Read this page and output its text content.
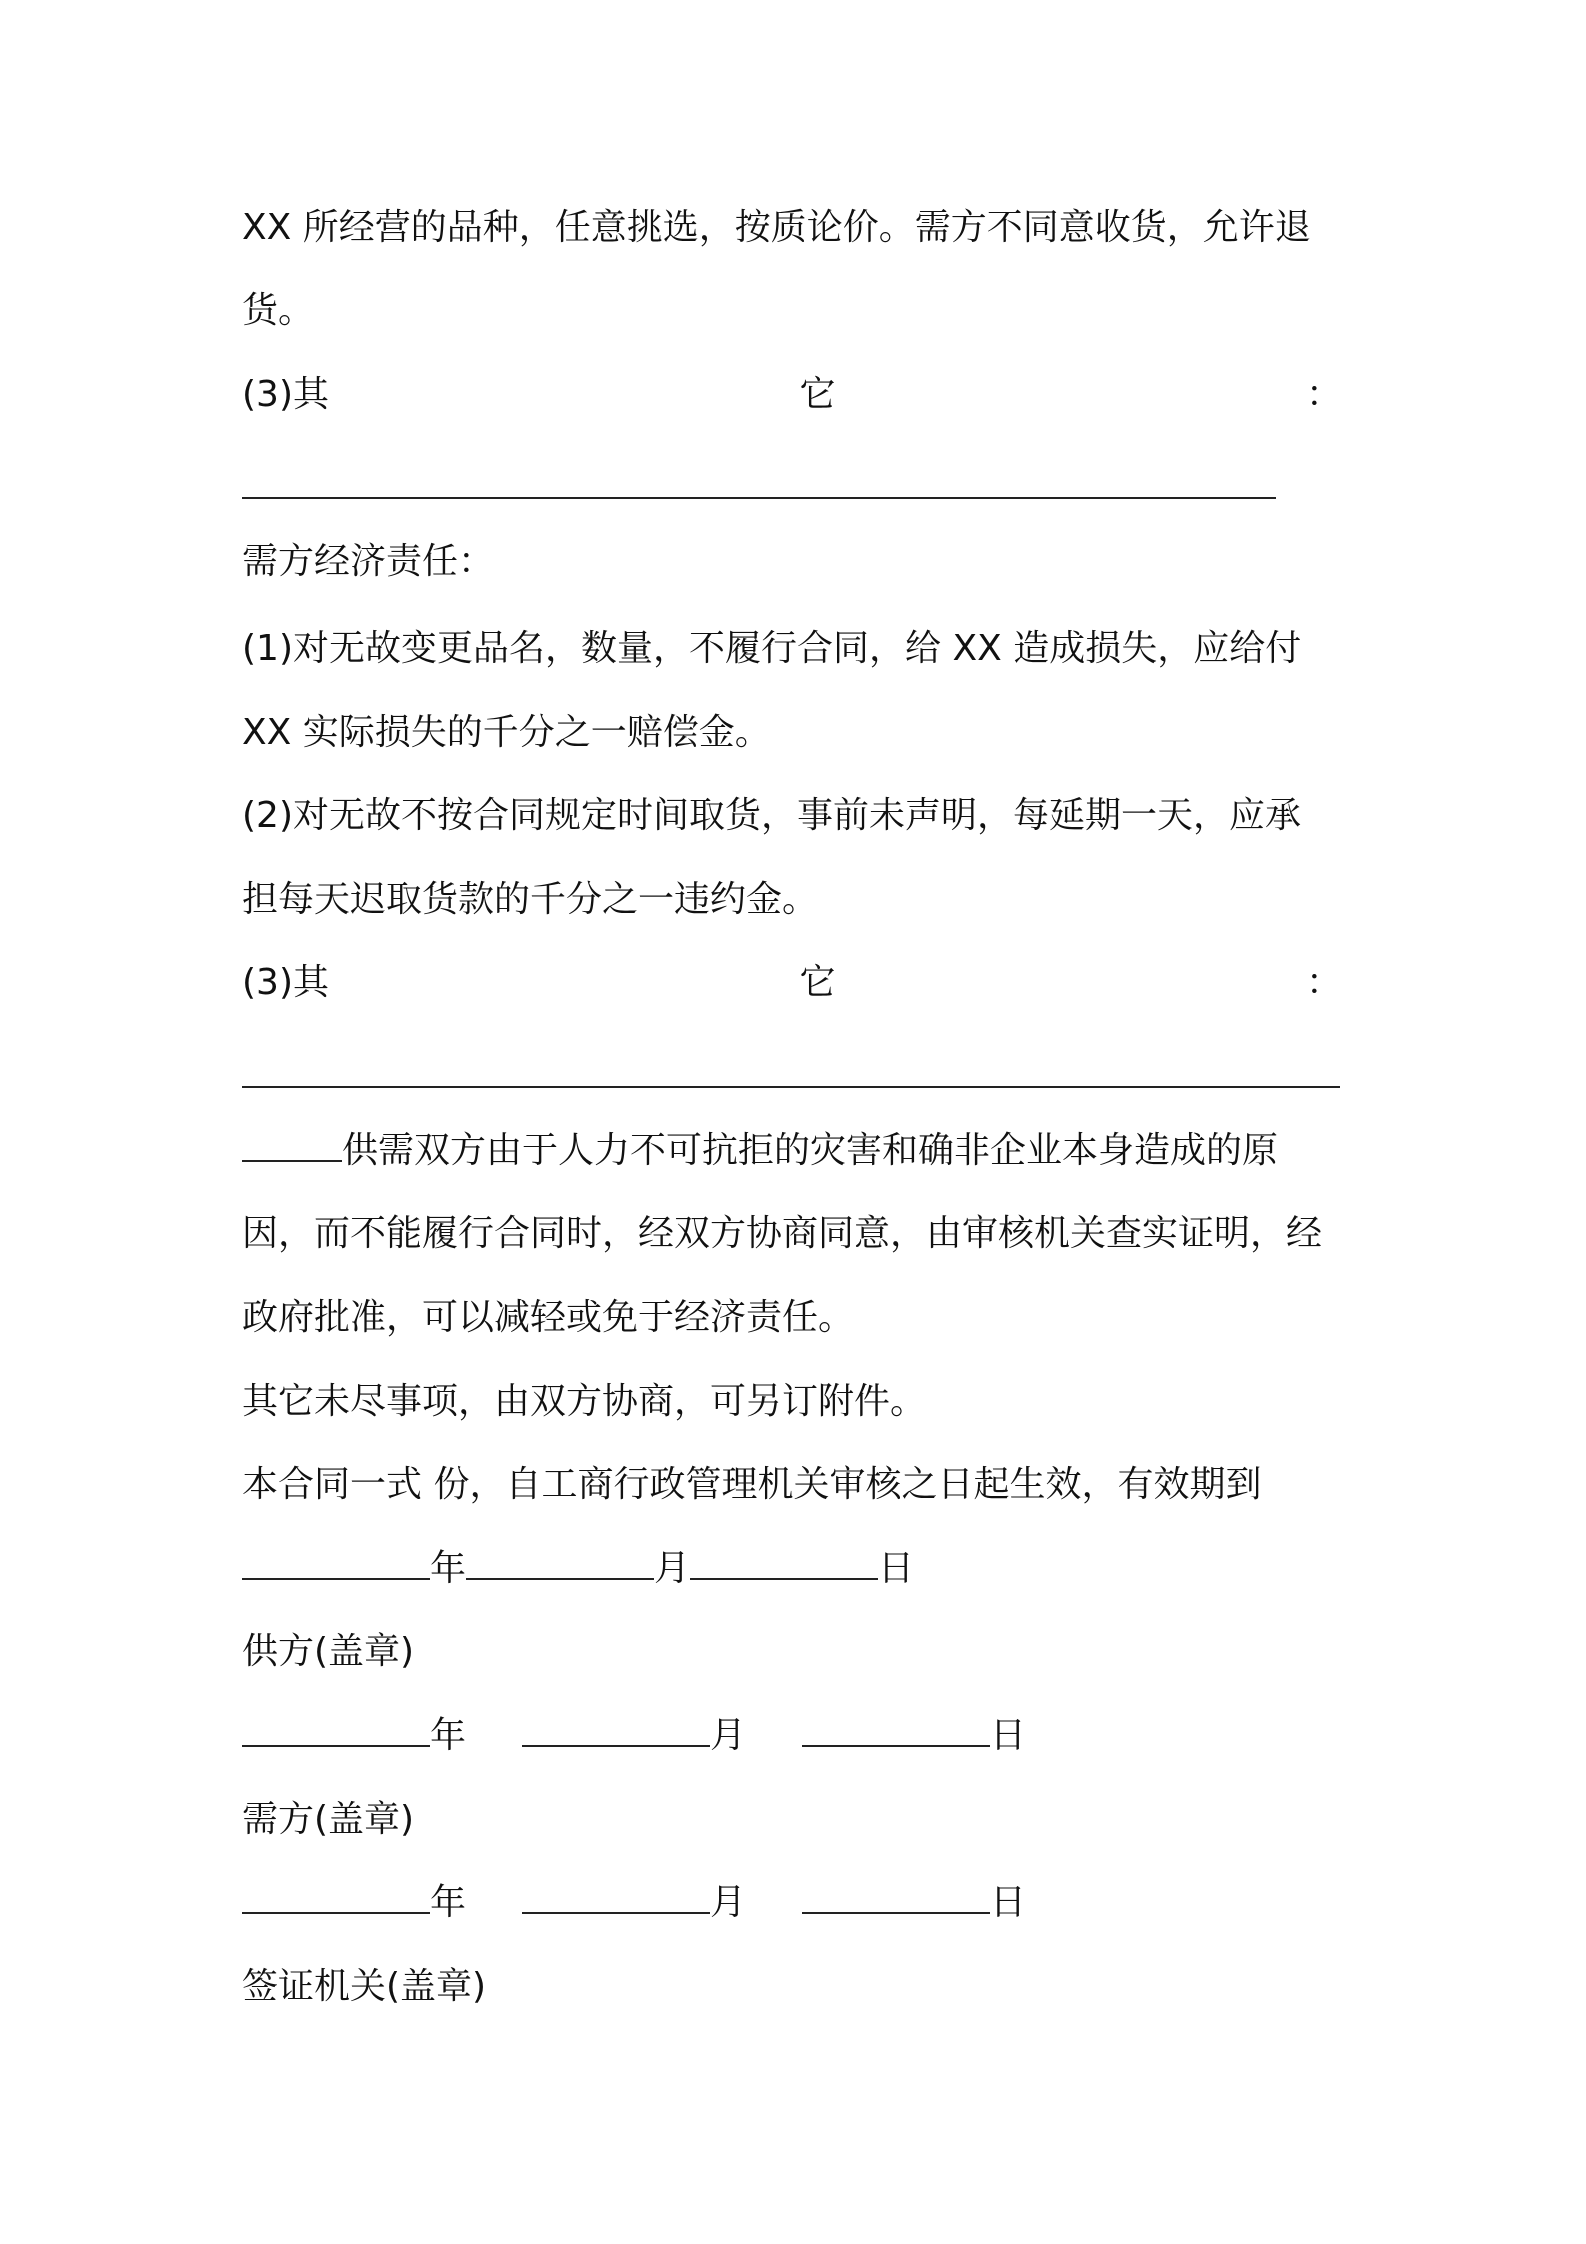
XX 所经营的品种，任意挑选，按质论价。需方不同意收货，允许退
货。
(3)其	它	：
需方经济责任：
(1)对无故变更品名，数量，不履行合同，给 XX 造成损失，应给付
XX 实际损失的千分之一赔偿金。
(2)对无故不按合同规定时间取货，事前未声明，每延期一天，应承
担每天迟取货款的千分之一违约金。
(3)其	它	：
供需双方由于人力不可抗拒的灾害和确非企业本身造成的原
因，而不能履行合同时，经双方协商同意，由审核机关查实证明，经
政府批准，可以减轻或免于经济责任。
其它未尽事项，由双方协商，可另订附件。
本合同一式 份，自工商行政管理机关审核之日起生效，有效期到
年	月	日
供方(盖章)
年	月	日
需方(盖章)
年	月	日
签证机关(盖章)
